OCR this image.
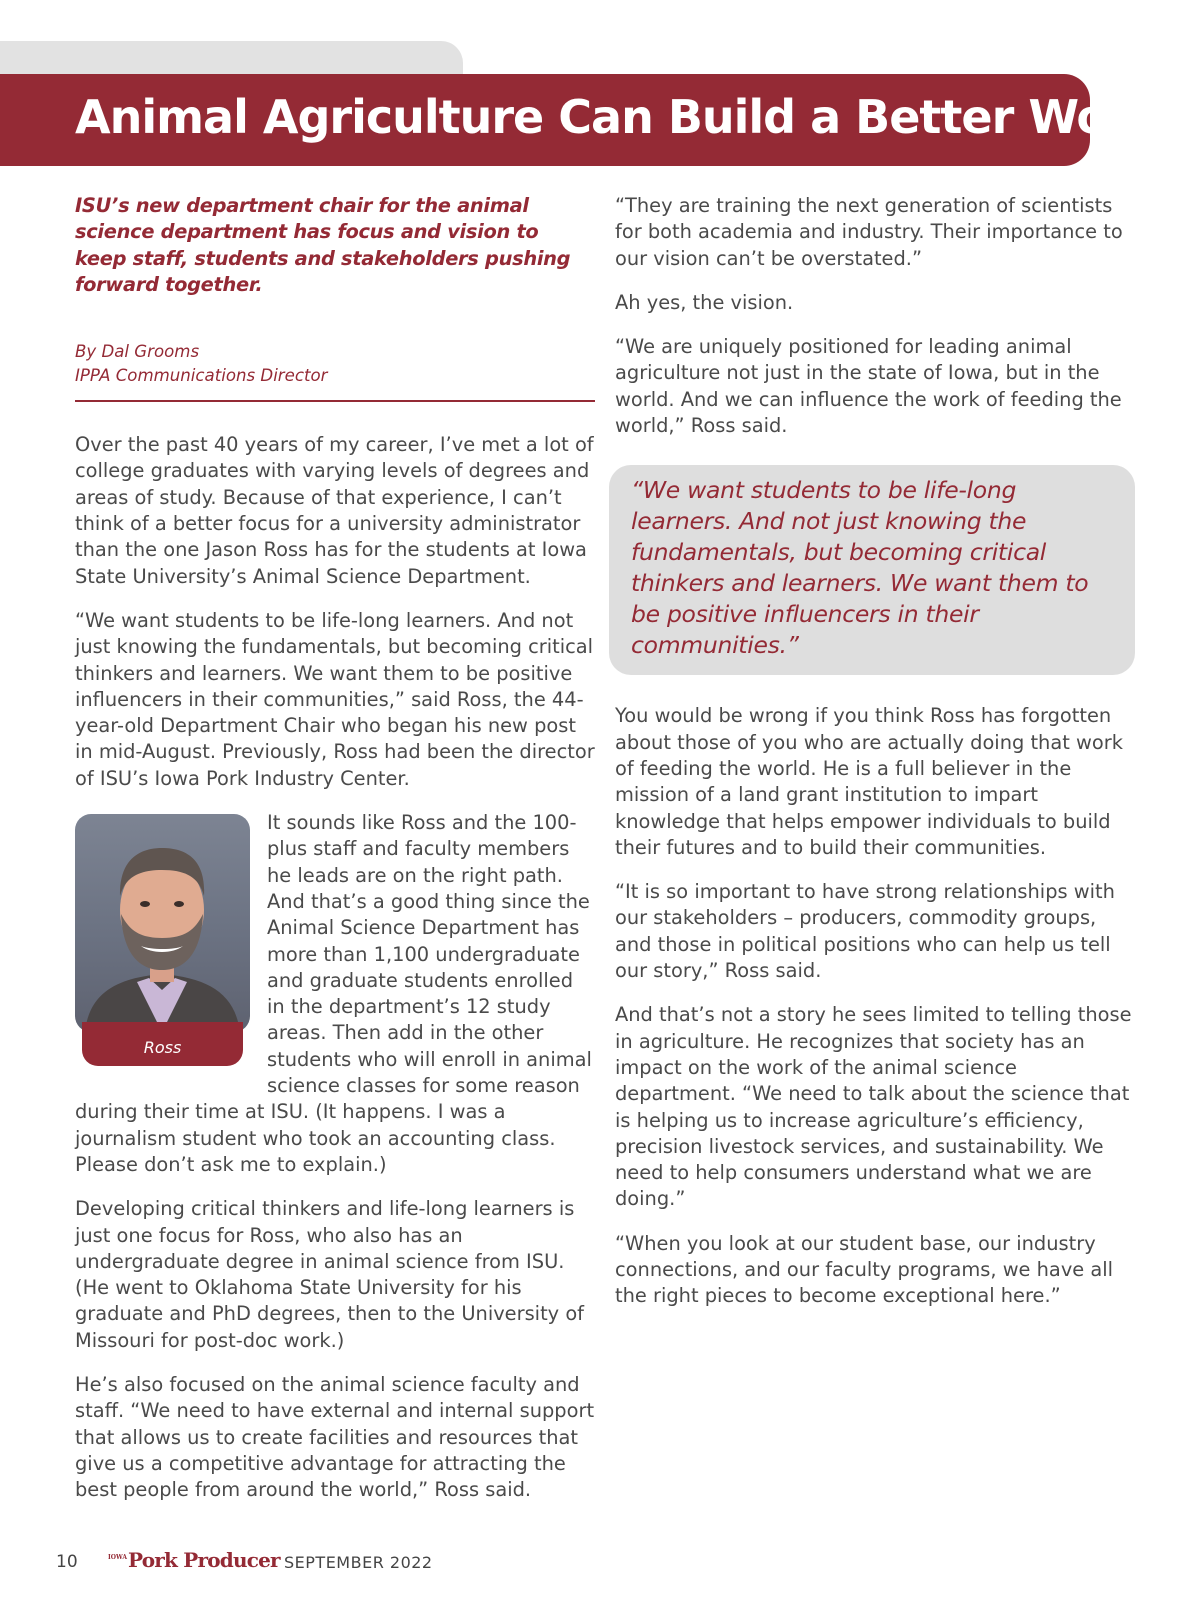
Animal Agriculture Can Build a Better World
ISU’s new department chair for the animal science department has focus and vision to keep staff, students and stakeholders pushing forward together.
By Dal Grooms
IPPA Communications Director

Over the past 40 years of my career, I’ve met a lot of college graduates with varying levels of degrees and areas of study. Because of that experience, I can’t think of a better focus for a university administrator than the one Jason Ross has for the students at Iowa State University’s Animal Science Department.

“We want students to be life-long learners. And not just knowing the fundamentals, but becoming critical thinkers and learners. We want them to be positive influencers in their communities,” said Ross, the 44-year-old Department Chair who began his new post in mid-August. Previously, Ross had been the director of ISU’s Iowa Pork Industry Center.

Ross

It sounds like Ross and the 100-plus staff and faculty members he leads are on the right path. And that’s a good thing since the Animal Science Department has more than 1,100 undergraduate and graduate students enrolled in the department’s 12 study areas. Then add in the other students who will enroll in animal science classes for some reason during their time at ISU. (It happens. I was a journalism student who took an accounting class. Please don’t ask me to explain.)

Developing critical thinkers and life-long learners is just one focus for Ross, who also has an undergraduate degree in animal science from ISU. (He went to Oklahoma State University for his graduate and PhD degrees, then to the University of Missouri for post-doc work.)

He’s also focused on the animal science faculty and staff. “We need to have external and internal support that allows us to create facilities and resources that give us a competitive advantage for attracting the best people from around the world,” Ross said.

“They are training the next generation of scientists for both academia and industry. Their importance to our vision can’t be overstated.”

Ah yes, the vision.

“We are uniquely positioned for leading animal agriculture not just in the state of Iowa, but in the world. And we can influence the work of feeding the world,” Ross said.

“We want students to be life-long learners. And not just knowing the fundamentals, but becoming critical thinkers and learners. We want them to be positive influencers in their communities.”

You would be wrong if you think Ross has forgotten about those of you who are actually doing that work of feeding the world. He is a full believer in the mission of a land grant institution to impart knowledge that helps empower individuals to build their futures and to build their communities.

“It is so important to have strong relationships with our stakeholders – producers, commodity groups, and those in political positions who can help us tell our story,” Ross said.

And that’s not a story he sees limited to telling those in agriculture. He recognizes that society has an impact on the work of the animal science department. “We need to talk about the science that is helping us to increase agriculture’s efficiency, precision livestock services, and sustainability. We need to help consumers understand what we are doing.”

“When you look at our student base, our industry connections, and our faculty programs, we have all the right pieces to become exceptional here.”

10	$^{IOWA}$Pork Producer SEPTEMBER 2022
